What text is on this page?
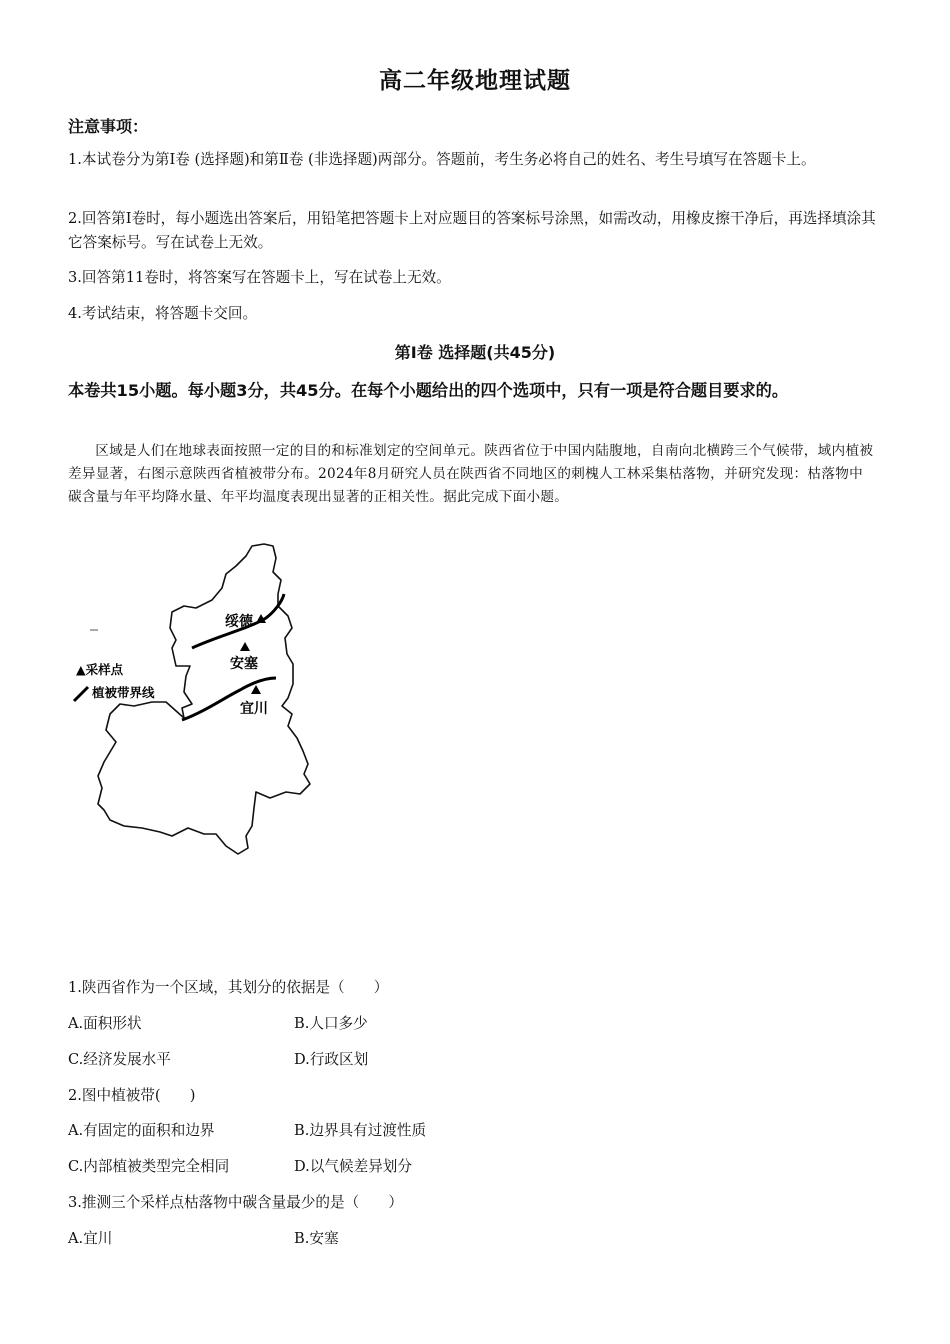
高二年级地理试题
注意事项：
1.本试卷分为第Ⅰ卷 (选择题)和第Ⅱ卷 (非选择题)两部分。答题前，考生务必将自己的姓名、考生号填写在答题卡上。
2.回答第Ⅰ卷时，每小题选出答案后，用铅笔把答题卡上对应题目的答案标号涂黑，如需改动，用橡皮擦干净后，再选择填涂其它答案标号。写在试卷上无效。
3.回答第11卷时，将答案写在答题卡上，写在试卷上无效。
4.考试结束，将答题卡交回。
第Ⅰ卷 选择题(共45分)
本卷共15小题。每小题3分，共45分。在每个小题给出的四个选项中，只有一项是符合题目要求的。
区域是人们在地球表面按照一定的目的和标准划定的空间单元。陕西省位于中国内陆腹地，自南向北横跨三个气候带，域内植被差异显著，右图示意陕西省植被带分布。2024年8月研究人员在陕西省不同地区的刺槐人工林采集枯落物，并研究发现：枯落物中碳含量与年平均降水量、年平均温度表现出显著的正相关性。据此完成下面小题。
绥德
安塞
宜川
▲采样点
植被带界线
1.陕西省作为一个区域，其划分的依据是（　　）
A.面积形状	B.人口多少
C.经济发展水平	D.行政区划
2.图中植被带(　　)
A.有固定的面积和边界	B.边界具有过渡性质
C.内部植被类型完全相同	D.以气候差异划分
3.推测三个采样点枯落物中碳含量最少的是（　　）
A.宜川	B.安塞
